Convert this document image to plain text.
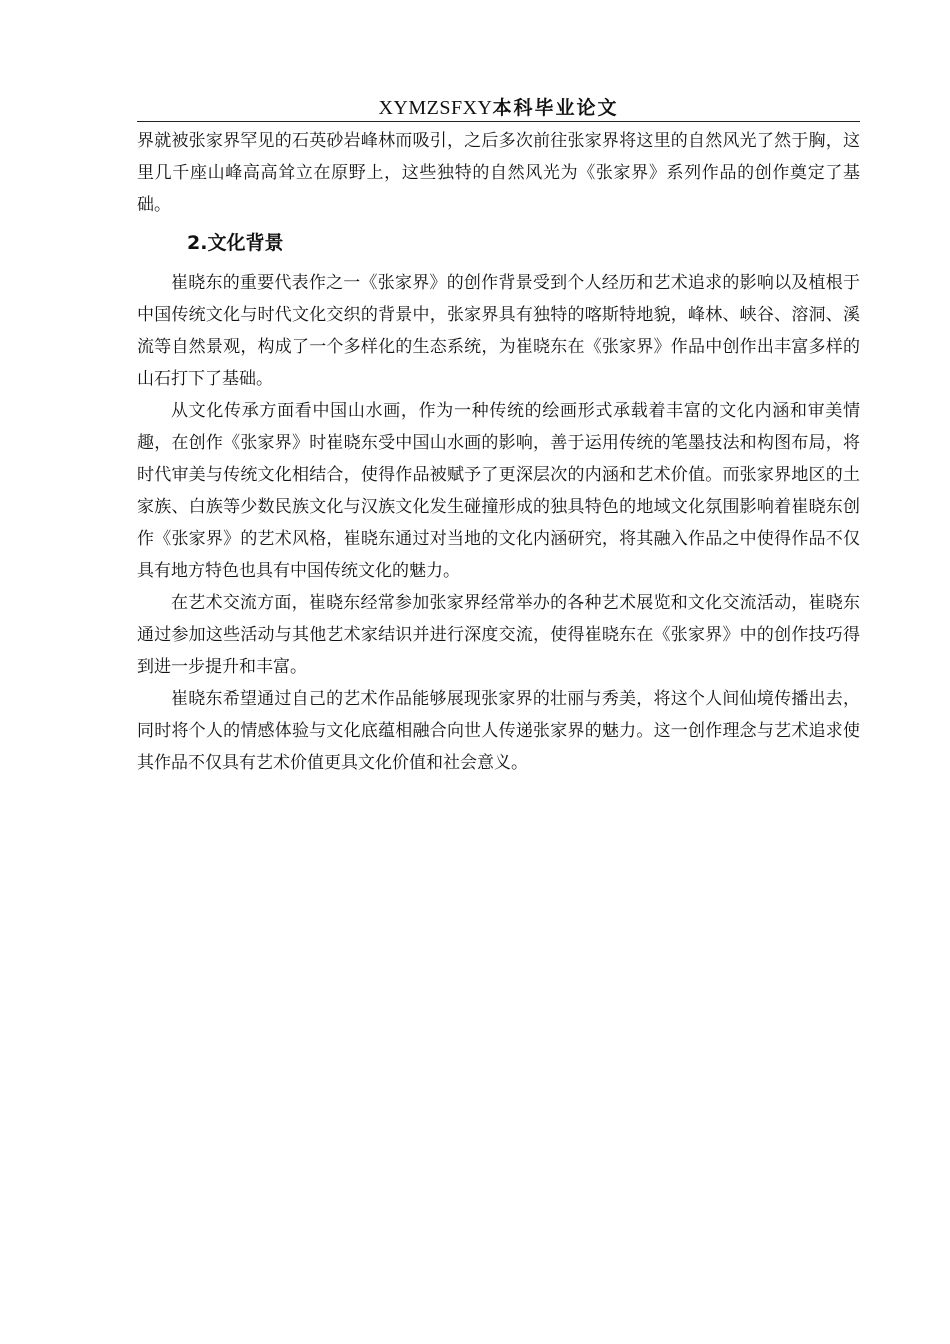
XYMZSFXY本科毕业论文

界就被张家界罕见的石英砂岩峰林而吸引，之后多次前往张家界将这里的自然风光了然于胸，这里几千座山峰高高耸立在原野上，这些独特的自然风光为《张家界》系列作品的创作奠定了基础。

2.文化背景

崔晓东的重要代表作之一《张家界》的创作背景受到个人经历和艺术追求的影响以及植根于中国传统文化与时代文化交织的背景中，张家界具有独特的喀斯特地貌，峰林、峡谷、溶洞、溪流等自然景观，构成了一个多样化的生态系统，为崔晓东在《张家界》作品中创作出丰富多样的山石打下了基础。

从文化传承方面看中国山水画，作为一种传统的绘画形式承载着丰富的文化内涵和审美情趣，在创作《张家界》时崔晓东受中国山水画的影响，善于运用传统的笔墨技法和构图布局，将时代审美与传统文化相结合，使得作品被赋予了更深层次的内涵和艺术价值。而张家界地区的土家族、白族等少数民族文化与汉族文化发生碰撞形成的独具特色的地域文化氛围影响着崔晓东创作《张家界》的艺术风格，崔晓东通过对当地的文化内涵研究，将其融入作品之中使得作品不仅具有地方特色也具有中国传统文化的魅力。

在艺术交流方面，崔晓东经常参加张家界经常举办的各种艺术展览和文化交流活动，崔晓东通过参加这些活动与其他艺术家结识并进行深度交流，使得崔晓东在《张家界》中的创作技巧得到进一步提升和丰富。

崔晓东希望通过自己的艺术作品能够展现张家界的壮丽与秀美，将这个人间仙境传播出去，同时将个人的情感体验与文化底蕴相融合向世人传递张家界的魅力。这一创作理念与艺术追求使其作品不仅具有艺术价值更具文化价值和社会意义。
